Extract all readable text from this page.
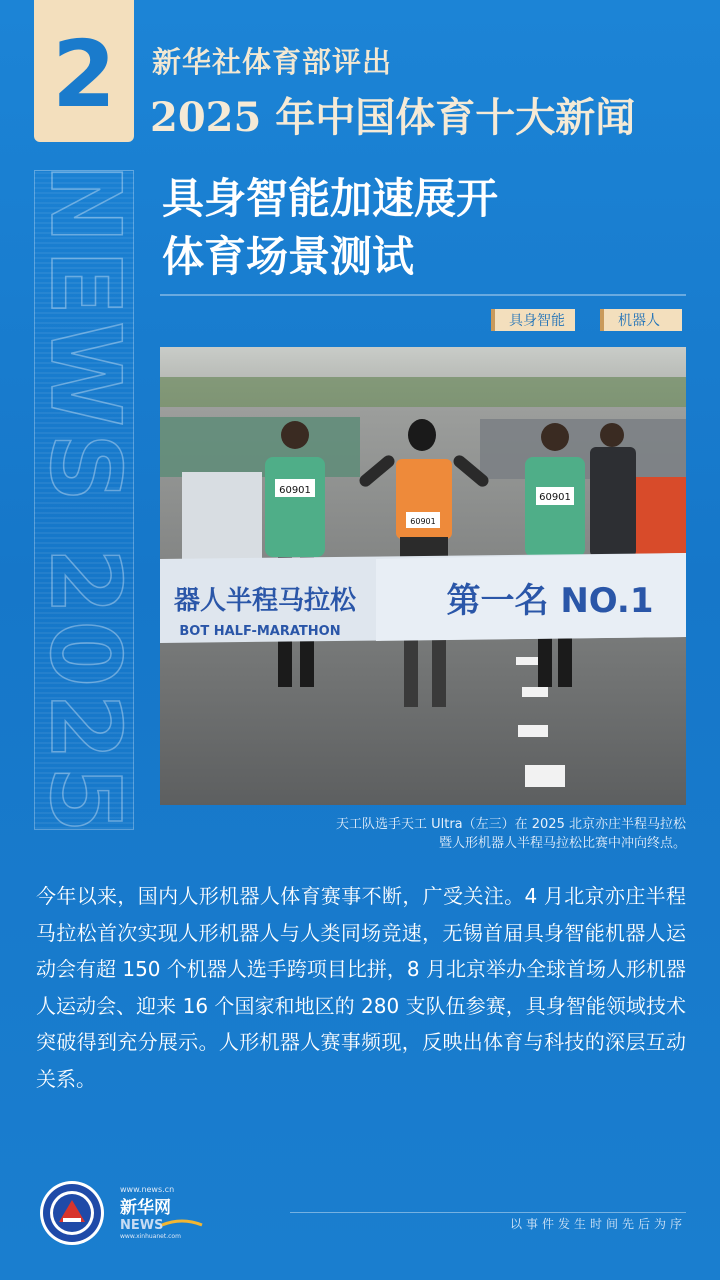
2 新华社体育部评出
2025 年中国体育十大新闻
NEWS 2025 具身智能加速展开
体育场景测试
具身智能	机器人
60901
60901
60901
器人半程马拉松
BOT HALF-MARATHON
第一名 NO.1
天工队选手天工 Ultra（左三）在 2025 北京亦庄半程马拉松
暨人形机器人半程马拉松比赛中冲向终点。
今年以来，国内人形机器人体育赛事不断，广受关注。4 月北京亦庄半程马拉松首次实现人形机器人与人类同场竞速，无锡首届具身智能机器人运动会有超 150 个机器人选手跨项目比拼，8 月北京举办全球首场人形机器人运动会、迎来 16 个国家和地区的 280 支队伍参赛，具身智能领域技术突破得到充分展示。人形机器人赛事频现，反映出体育与科技的深层互动关系。
www.news.cn
新华网
NEWS
www.xinhuanet.com
以事件发生时间先后为序
